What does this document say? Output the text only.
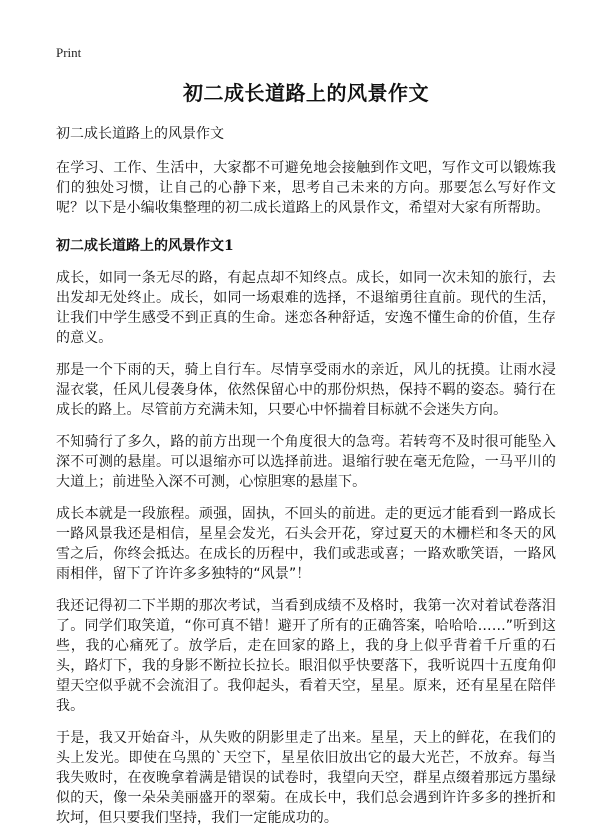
Print
初二成长道路上的风景作文
初二成长道路上的风景作文

在学习、工作、生活中，大家都不可避免地会接触到作文吧，写作文可以锻炼我们的独处习惯，让自己的心静下来，思考自己未来的方向。那要怎么写好作文呢？以下是小编收集整理的初二成长道路上的风景作文，希望对大家有所帮助。

初二成长道路上的风景作文1

成长，如同一条无尽的路，有起点却不知终点。成长，如同一次未知的旅行，去出发却无处终止。成长，如同一场艰难的选择，不退缩勇往直前。现代的生活，让我们中学生感受不到正真的生命。迷恋各种舒适，安逸不懂生命的价值，生存的意义。

那是一个下雨的天，骑上自行车。尽情享受雨水的亲近，风儿的抚摸。让雨水浸湿衣裳，任风儿侵袭身体，依然保留心中的那份炽热，保持不羁的姿态。骑行在成长的路上。尽管前方充满未知，只要心中怀揣着目标就不会迷失方向。

不知骑行了多久，路的前方出现一个角度很大的急弯。若转弯不及时很可能坠入深不可测的悬崖。可以退缩亦可以选择前进。退缩行驶在毫无危险，一马平川的大道上；前进坠入深不可测，心惊胆寒的悬崖下。

成长本就是一段旅程。顽强，固执，不回头的前进。走的更远才能看到一路成长一路风景我还是相信，星星会发光，石头会开花，穿过夏天的木栅栏和冬天的风雪之后，你终会抵达。在成长的历程中，我们或悲或喜；一路欢歌笑语，一路风雨相伴，留下了许许多多独特的“风景”！

我还记得初二下半期的那次考试，当看到成绩不及格时，我第一次对着试卷落泪了。同学们取笑道，“你可真不错！避开了所有的正确答案，哈哈哈……”听到这些，我的心痛死了。放学后，走在回家的路上，我的身上似乎背着千斤重的石头，路灯下，我的身影不断拉长拉长。眼泪似乎快要落下，我听说四十五度角仰望天空似乎就不会流泪了。我仰起头，看着天空，星星。原来，还有星星在陪伴我。

于是，我又开始奋斗，从失败的阴影里走了出来。星星，天上的鲜花，在我们的头上发光。即使在乌黑的`天空下，星星依旧放出它的最大光芒，不放弃。每当我失败时，在夜晚拿着满是错误的试卷时，我望向天空，群星点缀着那远方墨绿似的天，像一朵朵美丽盛开的翠菊。在成长中，我们总会遇到许许多多的挫折和坎坷，但只要我们坚持，我们一定能成功的。
